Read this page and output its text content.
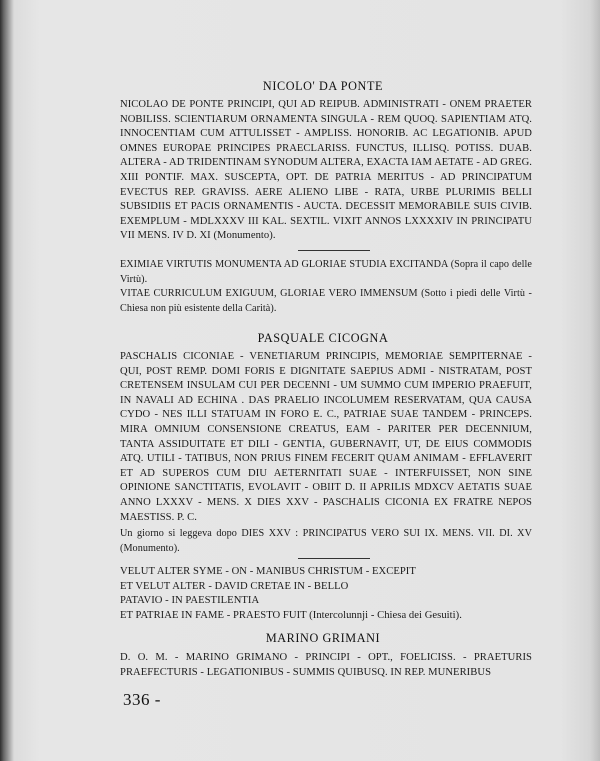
NICOLO' DA PONTE
NICOLAO DE PONTE PRINCIPI, QUI AD REIPUB. ADMINISTRATI - ONEM PRAETER NOBILISS. SCIENTIARUM ORNAMENTA SINGULA - REM QUOQ. SAPIENTIAM ATQ. INNOCENTIAM CUM ATTULISSET - AMPLISS. HONORIB. AC LEGATIONIB. APUD OMNES EUROPAE PRINCIPES PRAECLARISS. FUNCTUS, ILLISQ. POTISS. DUAB. ALTERA - AD TRIDENTINAM SYNODUM ALTERA, EXACTA IAM AETATE - AD GREG. XIII PONTIF. MAX. SUSCEPTA, OPT. DE PATRIA MERITUS - AD PRINCIPATUM EVECTUS REP. GRAVISS. AERE ALIENO LIBE - RATA, URBE PLURIMIS BELLI SUBSIDIIS ET PACIS ORNAMENTIS - AUCTA. DECESSIT MEMORABILE SUIS CIVIB. EXEMPLUM - MDLXXXV III KAL. SEXTIL. VIXIT ANNOS LXXXXIV IN PRINCIPATU VII MENS. IV D. XI (Monumento).
EXIMIAE VIRTUTIS MONUMENTA AD GLORIAE STUDIA EXCITANDA (Sopra il capo delle Virtù).
VITAE CURRICULUM EXIGUUM, GLORIAE VERO IMMENSUM (Sotto i piedi delle Virtù - Chiesa non più esistente della Carità).
PASQUALE CICOGNA
PASCHALIS CICONIAE - VENETIARUM PRINCIPIS, MEMORIAE SEMPITERNAE - QUI, POST REMP. DOMI FORIS E DIGNITATE SAEPIUS ADMI - NISTRATAM, POST CRETENSEM INSULAM CUI PER DECENNI - UM SUMMO CUM IMPERIO PRAEFUIT, IN NAVALI AD ECHINA . DAS PRAELIO INCOLUMEM RESERVATAM, QUA CAUSA CYDO - NES ILLI STATUAM IN FORO E. C., PATRIAE SUAE TANDEM - PRINCEPS. MIRA OMNIUM CONSENSIONE CREATUS, EAM - PARITER PER DECENNIUM, TANTA ASSIDUITATE ET DILI - GENTIA, GUBERNAVIT, UT, DE EIUS COMMODIS ATQ. UTILI - TATIBUS, NON PRIUS FINEM FECERIT QUAM ANIMAM - EFFLAVERIT ET AD SUPEROS CUM DIU AETERNITATI SUAE - INTERFUISSET, NON SINE OPINIONE SANCTITATIS, EVOLAVIT - OBIIT D. II APRILIS MDXCV AETATIS SUAE ANNO LXXXV - MENS. X DIES XXV - PASCHALIS CICONIA EX FRATRE NEPOS MAESTISS. P. C.
Un giorno si leggeva dopo DIES XXV : PRINCIPATUS VERO SUI IX. MENS. VII. DI. XV (Monumento).
VELUT ALTER SYME - ON - MANIBUS CHRISTUM - EXCEPIT
ET VELUT ALTER - DAVID CRETAE IN - BELLO
PATAVIO - IN PAESTILENTIA
ET PATRIAE IN FAME - PRAESTO FUIT (Intercolunnji - Chiesa dei Gesuiti).
MARINO GRIMANI
D. O. M. - MARINO GRIMANO - PRINCIPI - OPT., FOELICISS. - PRAETURIS PRAEFECTURIS - LEGATIONIBUS - SUMMIS QUIBUSQ. IN REP. MUNERIBUS
336 -
